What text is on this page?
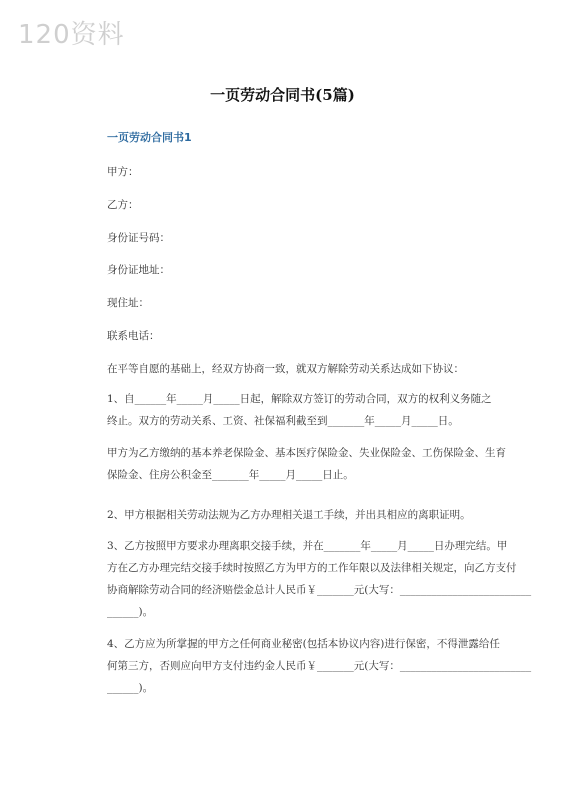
120资料
一页劳动合同书(5篇)
一页劳动合同书1
甲方：
乙方：
身份证号码：
身份证地址：
现住址：
联系电话：
在平等自愿的基础上，经双方协商一致，就双方解除劳动关系达成如下协议：
1、自______年_____月_____日起，解除双方签订的劳动合同，双方的权利义务随之
终止。双方的劳动关系、工资、社保福利截至到_______年_____月_____日。
甲方为乙方缴纳的基本养老保险金、基本医疗保险金、失业保险金、工伤保险金、生育
保险金、住房公积金至_______年_____月_____日止。
2、甲方根据相关劳动法规为乙方办理相关退工手续，并出具相应的离职证明。
3、乙方按照甲方要求办理离职交接手续，并在_______年_____月_____日办理完结。甲
方在乙方办理完结交接手续时按照乙方为甲方的工作年限以及法律相关规定，向乙方支付
协商解除劳动合同的经济赔偿金总计人民币￥_______元(大写：_________________________
______)。
4、乙方应为所掌握的甲方之任何商业秘密(包括本协议内容)进行保密，不得泄露给任
何第三方，否则应向甲方支付违约金人民币￥_______元(大写：_________________________
______)。
